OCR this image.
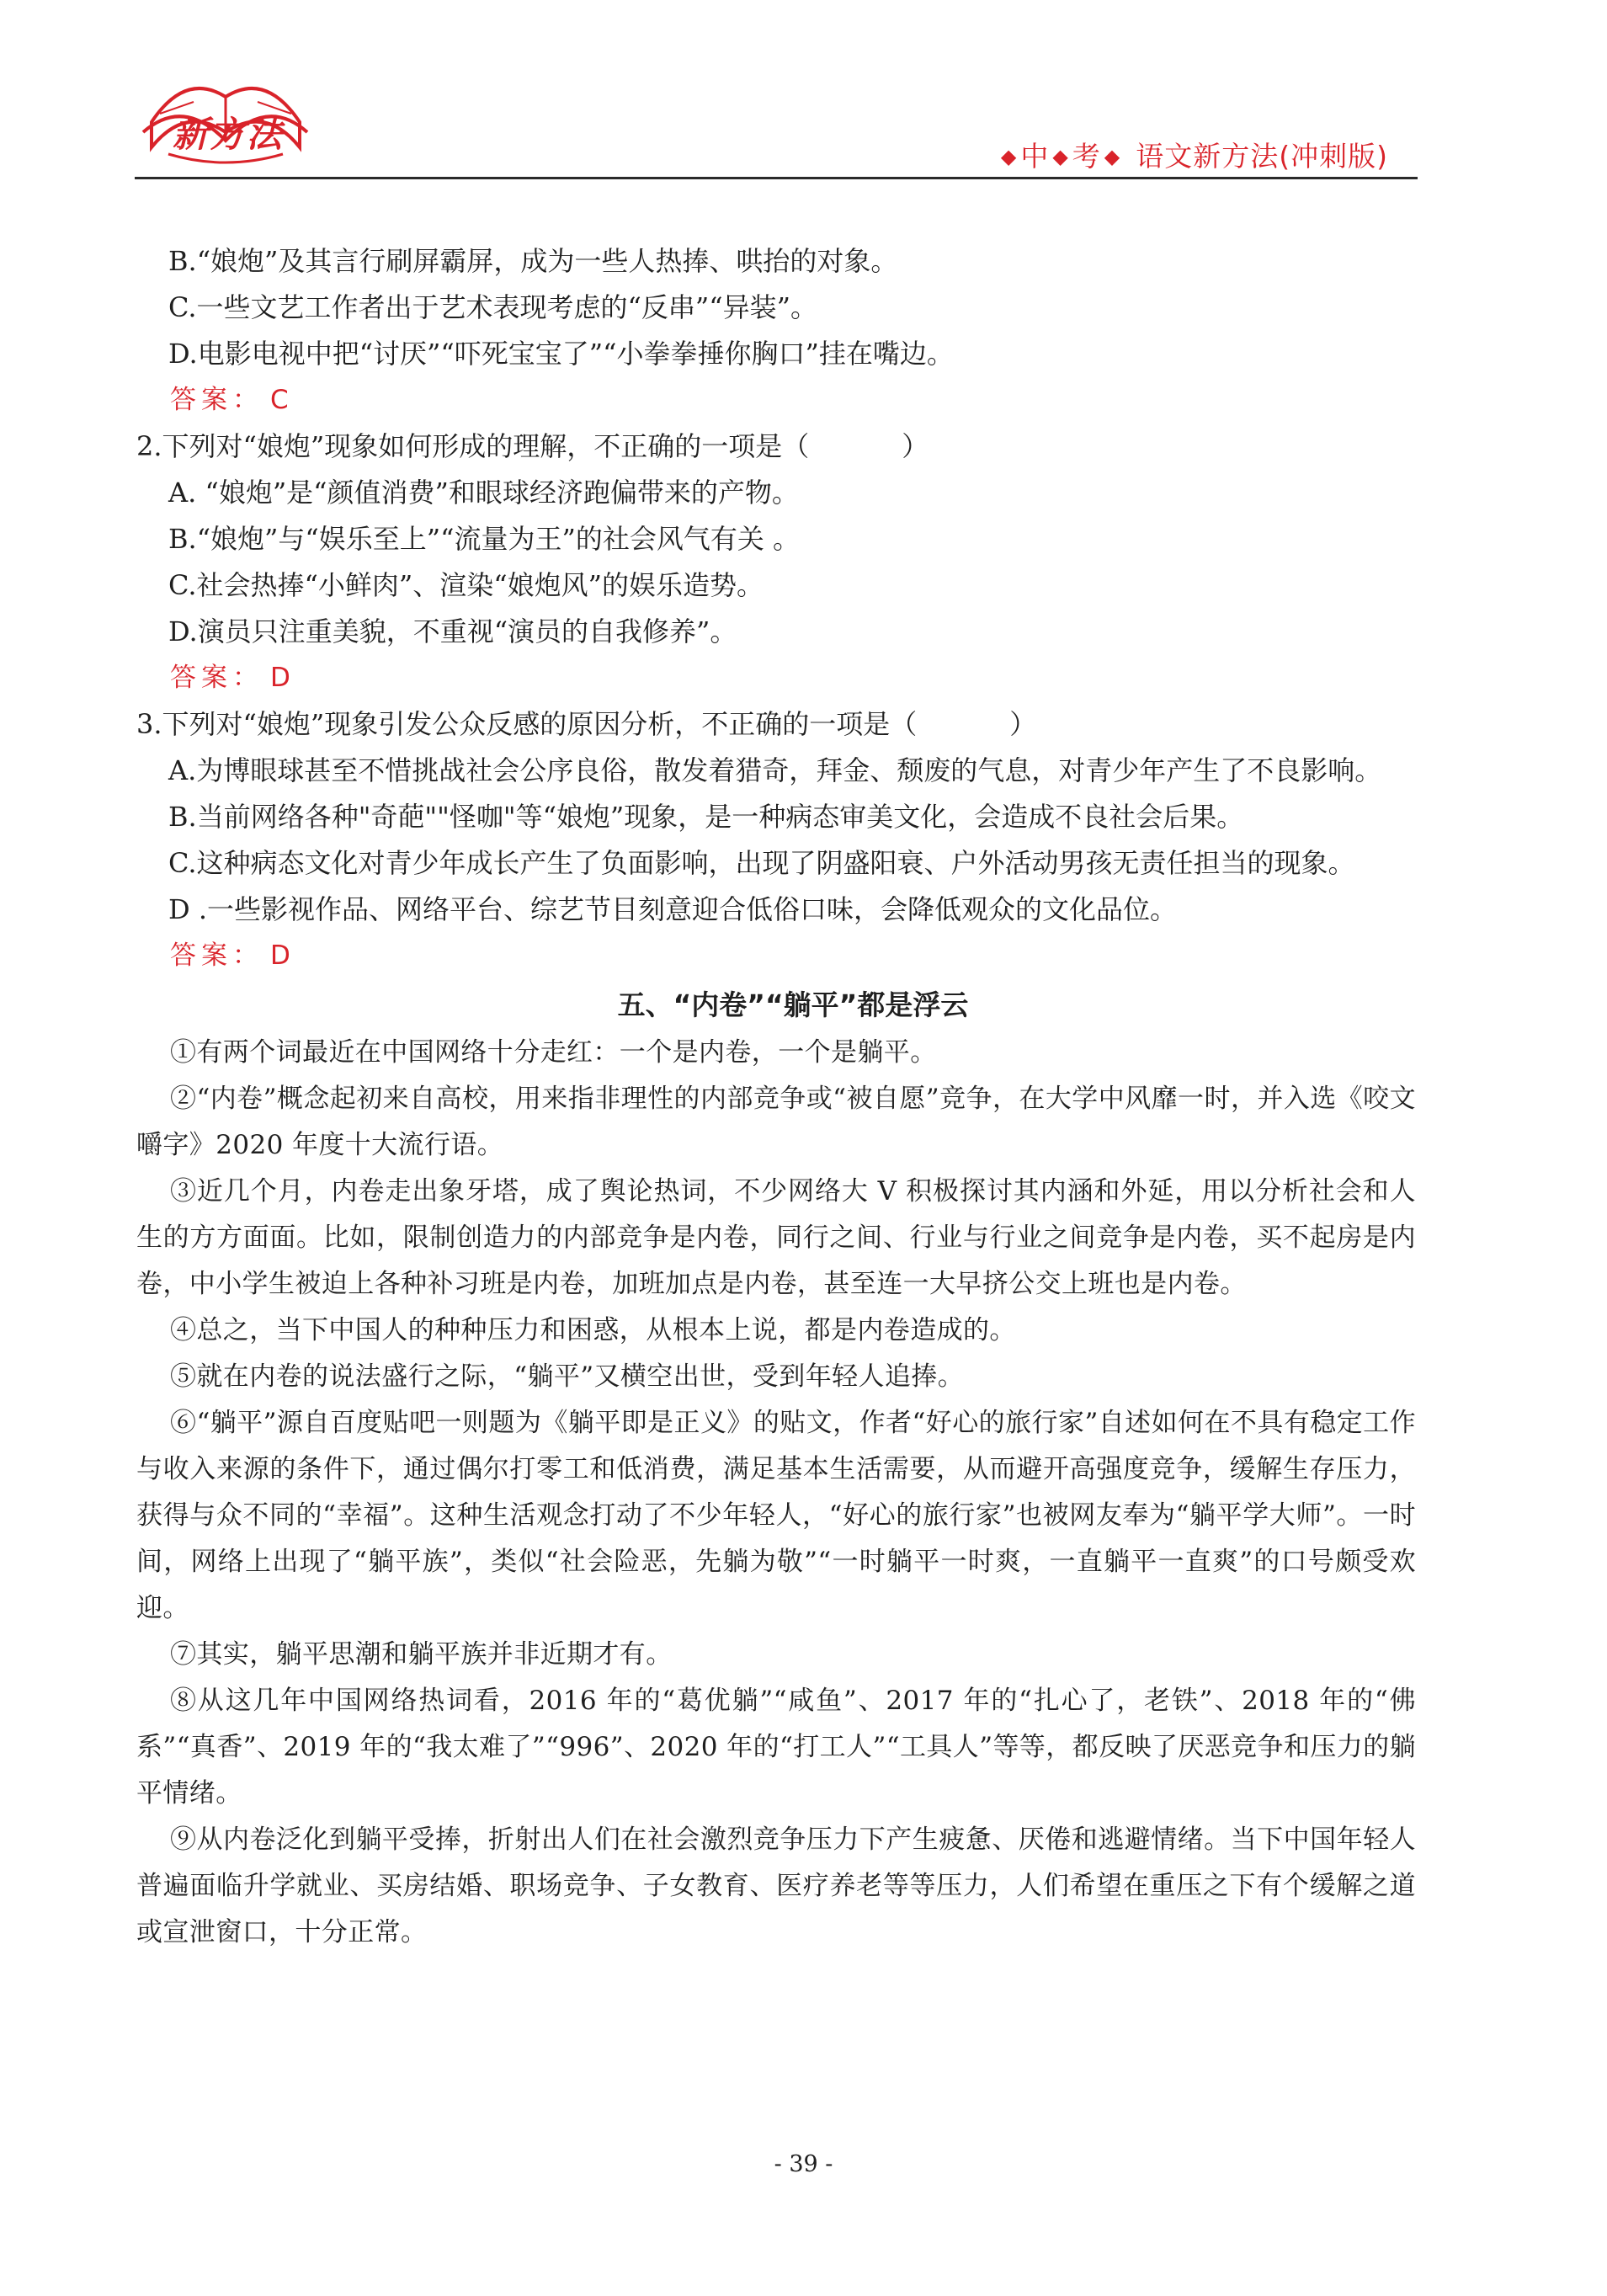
新方法
◆ 中 ◆ 考 ◆ 语文新方法(冲刺版)

B.“娘炮”及其言行刷屏霸屏，成为一些人热捧、哄抬的对象。

C.一些文艺工作者出于艺术表现考虑的“反串”“异装”。

D.电影电视中把“讨厌”“吓死宝宝了”“小拳拳捶你胸口”挂在嘴边。

答案： C

2.下列对“娘炮”现象如何形成的理解，不正确的一项是（	）

A. “娘炮”是“颜值消费”和眼球经济跑偏带来的产物。

B.“娘炮”与“娱乐至上”“流量为王”的社会风气有关 。

C.社会热捧“小鲜肉”、渲染“娘炮风”的娱乐造势。

D.演员只注重美貌，不重视“演员的自我修养”。

答案： D

3.下列对“娘炮”现象引发公众反感的原因分析，不正确的一项是（	）

A.为博眼球甚至不惜挑战社会公序良俗，散发着猎奇，拜金、颓废的气息，对青少年产生了不良影响。

B.当前网络各种"奇葩""怪咖"等“娘炮”现象，是一种病态审美文化，会造成不良社会后果。

C.这种病态文化对青少年成长产生了负面影响，出现了阴盛阳衰、户外活动男孩无责任担当的现象。

D .一些影视作品、网络平台、综艺节目刻意迎合低俗口味，会降低观众的文化品位。

答案： D

五、“内卷”“躺平”都是浮云

①有两个词最近在中国网络十分走红：一个是内卷，一个是躺平。

②“内卷”概念起初来自高校，用来指非理性的内部竞争或“被自愿”竞争，在大学中风靡一时，并入选《咬文嚼字》2020 年度十大流行语。

③近几个月，内卷走出象牙塔，成了舆论热词，不少网络大 V 积极探讨其内涵和外延，用以分析社会和人生的方方面面。比如，限制创造力的内部竞争是内卷，同行之间、行业与行业之间竞争是内卷，买不起房是内卷，中小学生被迫上各种补习班是内卷，加班加点是内卷，甚至连一大早挤公交上班也是内卷。

④总之，当下中国人的种种压力和困惑，从根本上说，都是内卷造成的。

⑤就在内卷的说法盛行之际，“躺平”又横空出世，受到年轻人追捧。

⑥“躺平”源自百度贴吧一则题为《躺平即是正义》的贴文，作者“好心的旅行家”自述如何在不具有稳定工作与收入来源的条件下，通过偶尔打零工和低消费，满足基本生活需要，从而避开高强度竞争，缓解生存压力，获得与众不同的“幸福”。这种生活观念打动了不少年轻人，“好心的旅行家”也被网友奉为“躺平学大师”。一时间，网络上出现了“躺平族”，类似“社会险恶，先躺为敬”“一时躺平一时爽，一直躺平一直爽”的口号颇受欢迎。

⑦其实，躺平思潮和躺平族并非近期才有。

⑧从这几年中国网络热词看，2016 年的“葛优躺”“咸鱼”、2017 年的“扎心了，老铁”、2018 年的“佛系”“真香”、2019 年的“我太难了”“996”、2020 年的“打工人”“工具人”等等，都反映了厌恶竞争和压力的躺平情绪。

⑨从内卷泛化到躺平受捧，折射出人们在社会激烈竞争压力下产生疲惫、厌倦和逃避情绪。当下中国年轻人普遍面临升学就业、买房结婚、职场竞争、子女教育、医疗养老等等压力，人们希望在重压之下有个缓解之道或宣泄窗口，十分正常。

- 39 -
